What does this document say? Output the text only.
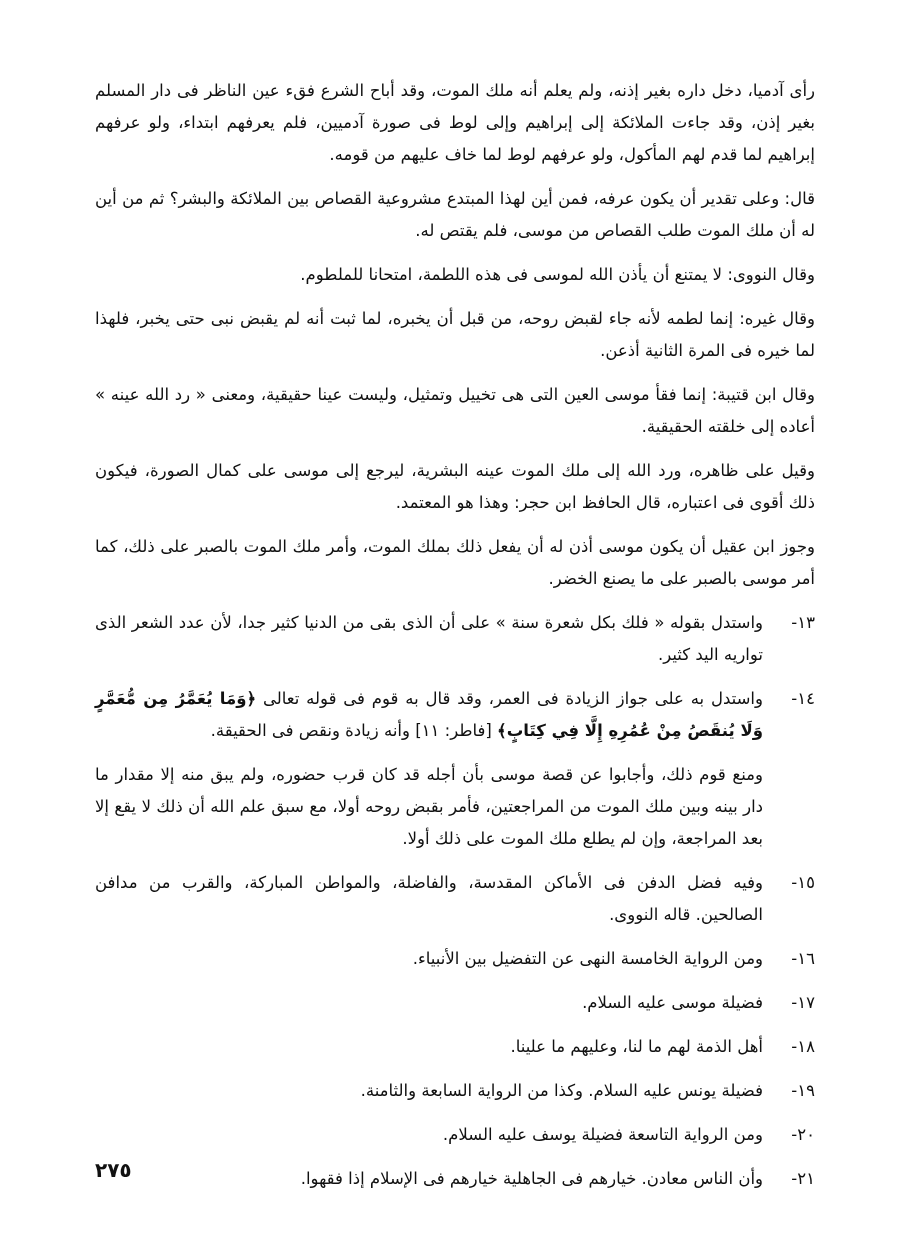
رأى آدميا، دخل داره بغير إذنه، ولم يعلم أنه ملك الموت، وقد أباح الشرع فقء عين الناظر فى دار المسلم بغير إذن، وقد جاءت الملائكة إلى إبراهيم وإلى لوط فى صورة آدميين، فلم يعرفهم ابتداء، ولو عرفهم إبراهيم لما قدم لهم المأكول، ولو عرفهم لوط لما خاف عليهم من قومه.

قال: وعلى تقدير أن يكون عرفه، فمن أين لهذا المبتدع مشروعية القصاص بين الملائكة والبشر؟ ثم من أين له أن ملك الموت طلب القصاص من موسى، فلم يقتص له.

وقال النووى: لا يمتنع أن يأذن الله لموسى فى هذه اللطمة، امتحانا للملطوم.

وقال غيره: إنما لطمه لأنه جاء لقبض روحه، من قبل أن يخبره، لما ثبت أنه لم يقبض نبى حتى يخبر، فلهذا لما خيره فى المرة الثانية أذعن.

وقال ابن قتيبة: إنما فقأ موسى العين التى هى تخييل وتمثيل، وليست عينا حقيقية، ومعنى « رد الله عينه » أعاده إلى خلقته الحقيقية.

وقيل على ظاهره، ورد الله إلى ملك الموت عينه البشرية، ليرجع إلى موسى على كمال الصورة، فيكون ذلك أقوى فى اعتباره، قال الحافظ ابن حجر: وهذا هو المعتمد.

وجوز ابن عقيل أن يكون موسى أذن له أن يفعل ذلك بملك الموت، وأمر ملك الموت بالصبر على ذلك، كما أمر موسى بالصبر على ما يصنع الخضر.

١٣-
واستدل بقوله « فلك بكل شعرة سنة » على أن الذى بقى من الدنيا كثير جدا، لأن عدد الشعر الذى تواريه اليد كثير.
١٤-
واستدل به على جواز الزيادة فى العمر، وقد قال به قوم فى قوله تعالى ﴿وَمَا يُعَمَّرُ مِن مُّعَمَّرٍ وَلَا يُنقَصُ مِنْ عُمُرِهِ إِلَّا فِي كِتَابٍ﴾ [فاطر: ١١] وأنه زيادة ونقص فى الحقيقة.

ومنع قوم ذلك، وأجابوا عن قصة موسى بأن أجله قد كان قرب حضوره، ولم يبق منه إلا مقدار ما دار بينه وبين ملك الموت من المراجعتين، فأمر بقبض روحه أولا، مع سبق علم الله أن ذلك لا يقع إلا بعد المراجعة، وإن لم يطلع ملك الموت على ذلك أولا.

١٥-
وفيه فضل الدفن فى الأماكن المقدسة، والفاضلة، والمواطن المباركة، والقرب من مدافن الصالحين. قاله النووى.
١٦-
ومن الرواية الخامسة النهى عن التفضيل بين الأنبياء.
١٧-
فضيلة موسى عليه السلام.
١٨-
أهل الذمة لهم ما لنا، وعليهم ما علينا.
١٩-
فضيلة يونس عليه السلام. وكذا من الرواية السابعة والثامنة.
٢٠-
ومن الرواية التاسعة فضيلة يوسف عليه السلام.
٢١-
وأن الناس معادن. خيارهم فى الجاهلية خيارهم فى الإسلام إذا فقهوا.
٢٧٥
